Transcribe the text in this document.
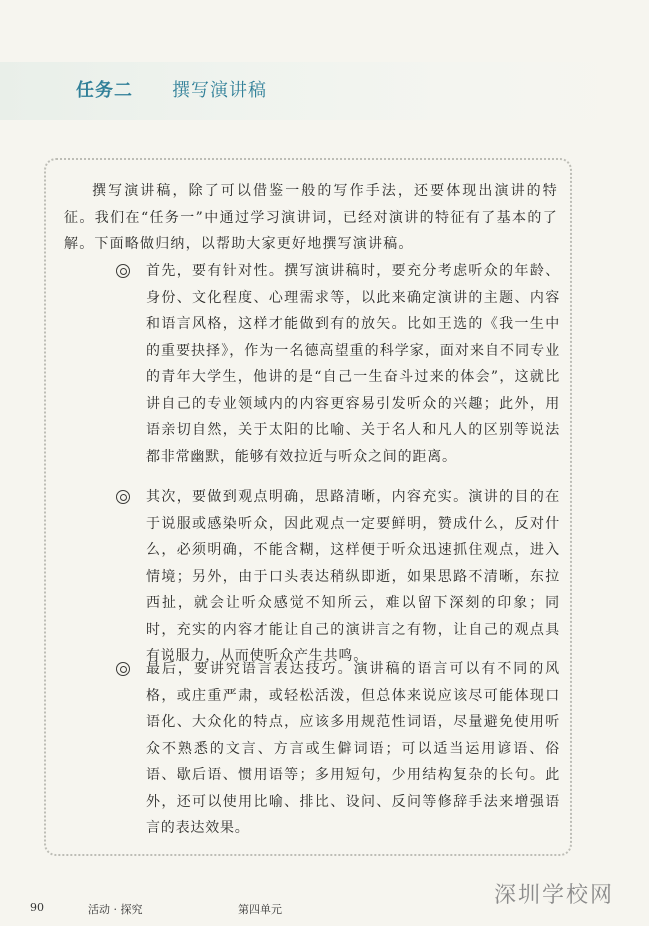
任务二 撰写演讲稿

撰写演讲稿，除了可以借鉴一般的写作手法，还要体现出演讲的特征。我们在“任务一”中通过学习演讲词，已经对演讲的特征有了基本的了解。下面略做归纳，以帮助大家更好地撰写演讲稿。

首先，要有针对性。撰写演讲稿时，要充分考虑听众的年龄、身份、文化程度、心理需求等，以此来确定演讲的主题、内容和语言风格，这样才能做到有的放矢。比如王选的《我一生中的重要抉择》，作为一名德高望重的科学家，面对来自不同专业的青年大学生，他讲的是“自己一生奋斗过来的体会”，这就比讲自己的专业领域内的内容更容易引发听众的兴趣；此外，用语亲切自然，关于太阳的比喻、关于名人和凡人的区别等说法都非常幽默，能够有效拉近与听众之间的距离。
其次，要做到观点明确，思路清晰，内容充实。演讲的目的在于说服或感染听众，因此观点一定要鲜明，赞成什么，反对什么，必须明确，不能含糊，这样便于听众迅速抓住观点，进入情境；另外，由于口头表达稍纵即逝，如果思路不清晰，东拉西扯，就会让听众感觉不知所云，难以留下深刻的印象；同时，充实的内容才能让自己的演讲言之有物，让自己的观点具有说服力，从而使听众产生共鸣。
最后，要讲究语言表达技巧。演讲稿的语言可以有不同的风格，或庄重严肃，或轻松活泼，但总体来说应该尽可能体现口语化、大众化的特点，应该多用规范性词语，尽量避免使用听众不熟悉的文言、方言或生僻词语；可以适当运用谚语、俗语、歇后语、惯用语等；多用短句，少用结构复杂的长句。此外，还可以使用比喻、排比、设问、反问等修辞手法来增强语言的表达效果。
90	活动 · 探究	第四单元
深圳学校网
